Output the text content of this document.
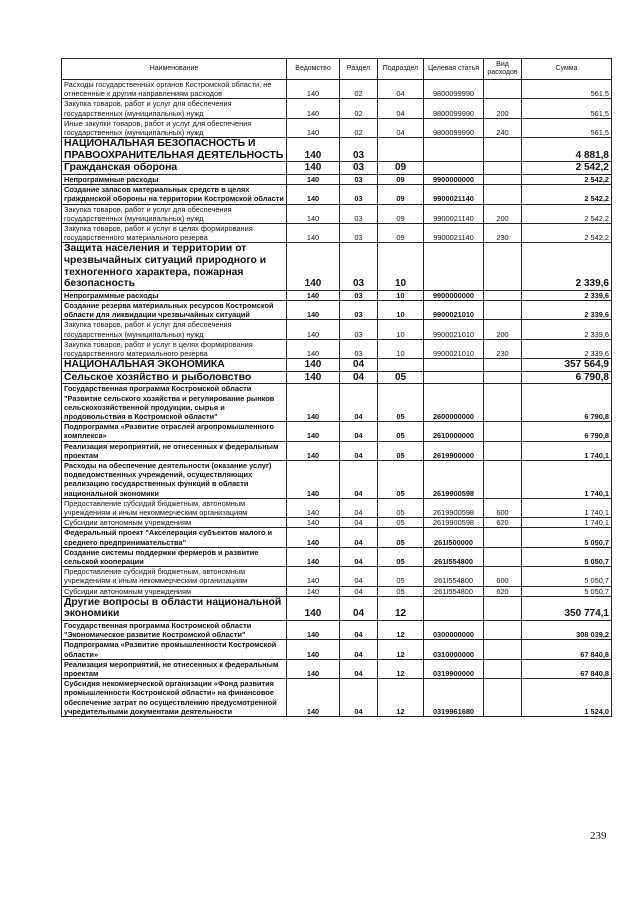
Наименование	Ведомство	Раздел	Подраздел	Целевая статья	Вид расходов	Сумма
Расходы государственных органов Костромской области, не отнесенные к другим направлениям расходов	140	02	04	9800099990		561,5
Закупка товаров, работ и услуг для обеспечения государственных (муниципальных) нужд	140	02	04	9800099990	200	561,5
Иные закупки товаров, работ и услуг для обеспечения государственных (муниципальных) нужд	140	02	04	9800099990	240	561,5
НАЦИОНАЛЬНАЯ БЕЗОПАСНОСТЬ И ПРАВООХРАНИТЕЛЬНАЯ ДЕЯТЕЛЬНОСТЬ	140	03				4 881,8
Гражданская оборона	140	03	09			2 542,2
Непрограммные расходы	140	03	09	9900000000		2 542,2
Создание запасов материальных средств в целях гражданской обороны на территории Костромской области	140	03	09	9900021140		2 542,2
Закупка товаров, работ и услуг для обеспечения государственных (муниципальных) нужд	140	03	09	9900021140	200	2 542,2
Закупка товаров, работ и услуг в целях формирования государственного материального резерва	140	03	09	9900021140	230	2 542,2
Защита населения и территории от чрезвычайных ситуаций природного и техногенного характера, пожарная безопасность	140	03	10			2 339,6
Непрограммные расходы	140	03	10	9900000000		2 339,6
Создание резерва материальных ресурсов Костромской области для ликвидации чрезвычайных ситуаций	140	03	10	9900021010		2 339,6
Закупка товаров, работ и услуг для обеспечения государственных (муниципальных) нужд	140	03	10	9900021010	200	2 339,6
Закупка товаров, работ и услуг в целях формирования государственного материального резерва	140	03	10	9900021010	230	2 339,6
НАЦИОНАЛЬНАЯ ЭКОНОМИКА	140	04				357 564,9
Сельское хозяйство и рыболовство	140	04	05			6 790,8
Государственная программа Костромской области "Развитие сельского хозяйства и регулирование рынков сельскохозяйственной продукции, сырья и продовольствия в Костромской области"	140	04	05	2600000000		6 790,8
Подпрограмма «Развитие отраслей агропромышленного комплекса»	140	04	05	2610000000		6 790,8
Реализация мероприятий, не отнесенных к федеральным проектам	140	04	05	2619900000		1 740,1
Расходы на обеспечение деятельности (оказание услуг) подведомственных учреждений, осуществляющих реализацию государственных функций в области национальной экономики	140	04	05	2619900598		1 740,1
Предоставление субсидий бюджетным, автономным учреждениям и иным некоммерческим организациям	140	04	05	2619900598	600	1 740,1
Субсидии автономным учреждениям	140	04	05	2619900598	620	1 740,1
Федеральный проект "Акселерация субъектов малого и среднего предпринимательства"	140	04	05	261I500000		5 050,7
Создание системы поддержки фермеров и развитие сельской кооперации	140	04	05	261I554800		5 050,7
Предоставление субсидий бюджетным, автономным учреждениям и иным некоммерческим организациям	140	04	05	261I554800	600	5 050,7
Субсидии автономным учреждениям	140	04	05	261I554800	620	5 050,7
Другие вопросы в области национальной экономики	140	04	12			350 774,1
Государственная программа Костромской области "Экономическое развитие Костромской области"	140	04	12	0300000000		308 039,2
Подпрограмма «Развитие промышленности Костромской области»	140	04	12	0310000000		67 840,8
Реализация мероприятий, не отнесенных к федеральным проектам	140	04	12	0319900000		67 840,8
Субсидия некоммерческой организации «Фонд развития промышленности Костромской области» на финансовое обеспечение затрат по осуществлению предусмотренной учредительными документами деятельности	140	04	12	0319961680		1 524,0
239
